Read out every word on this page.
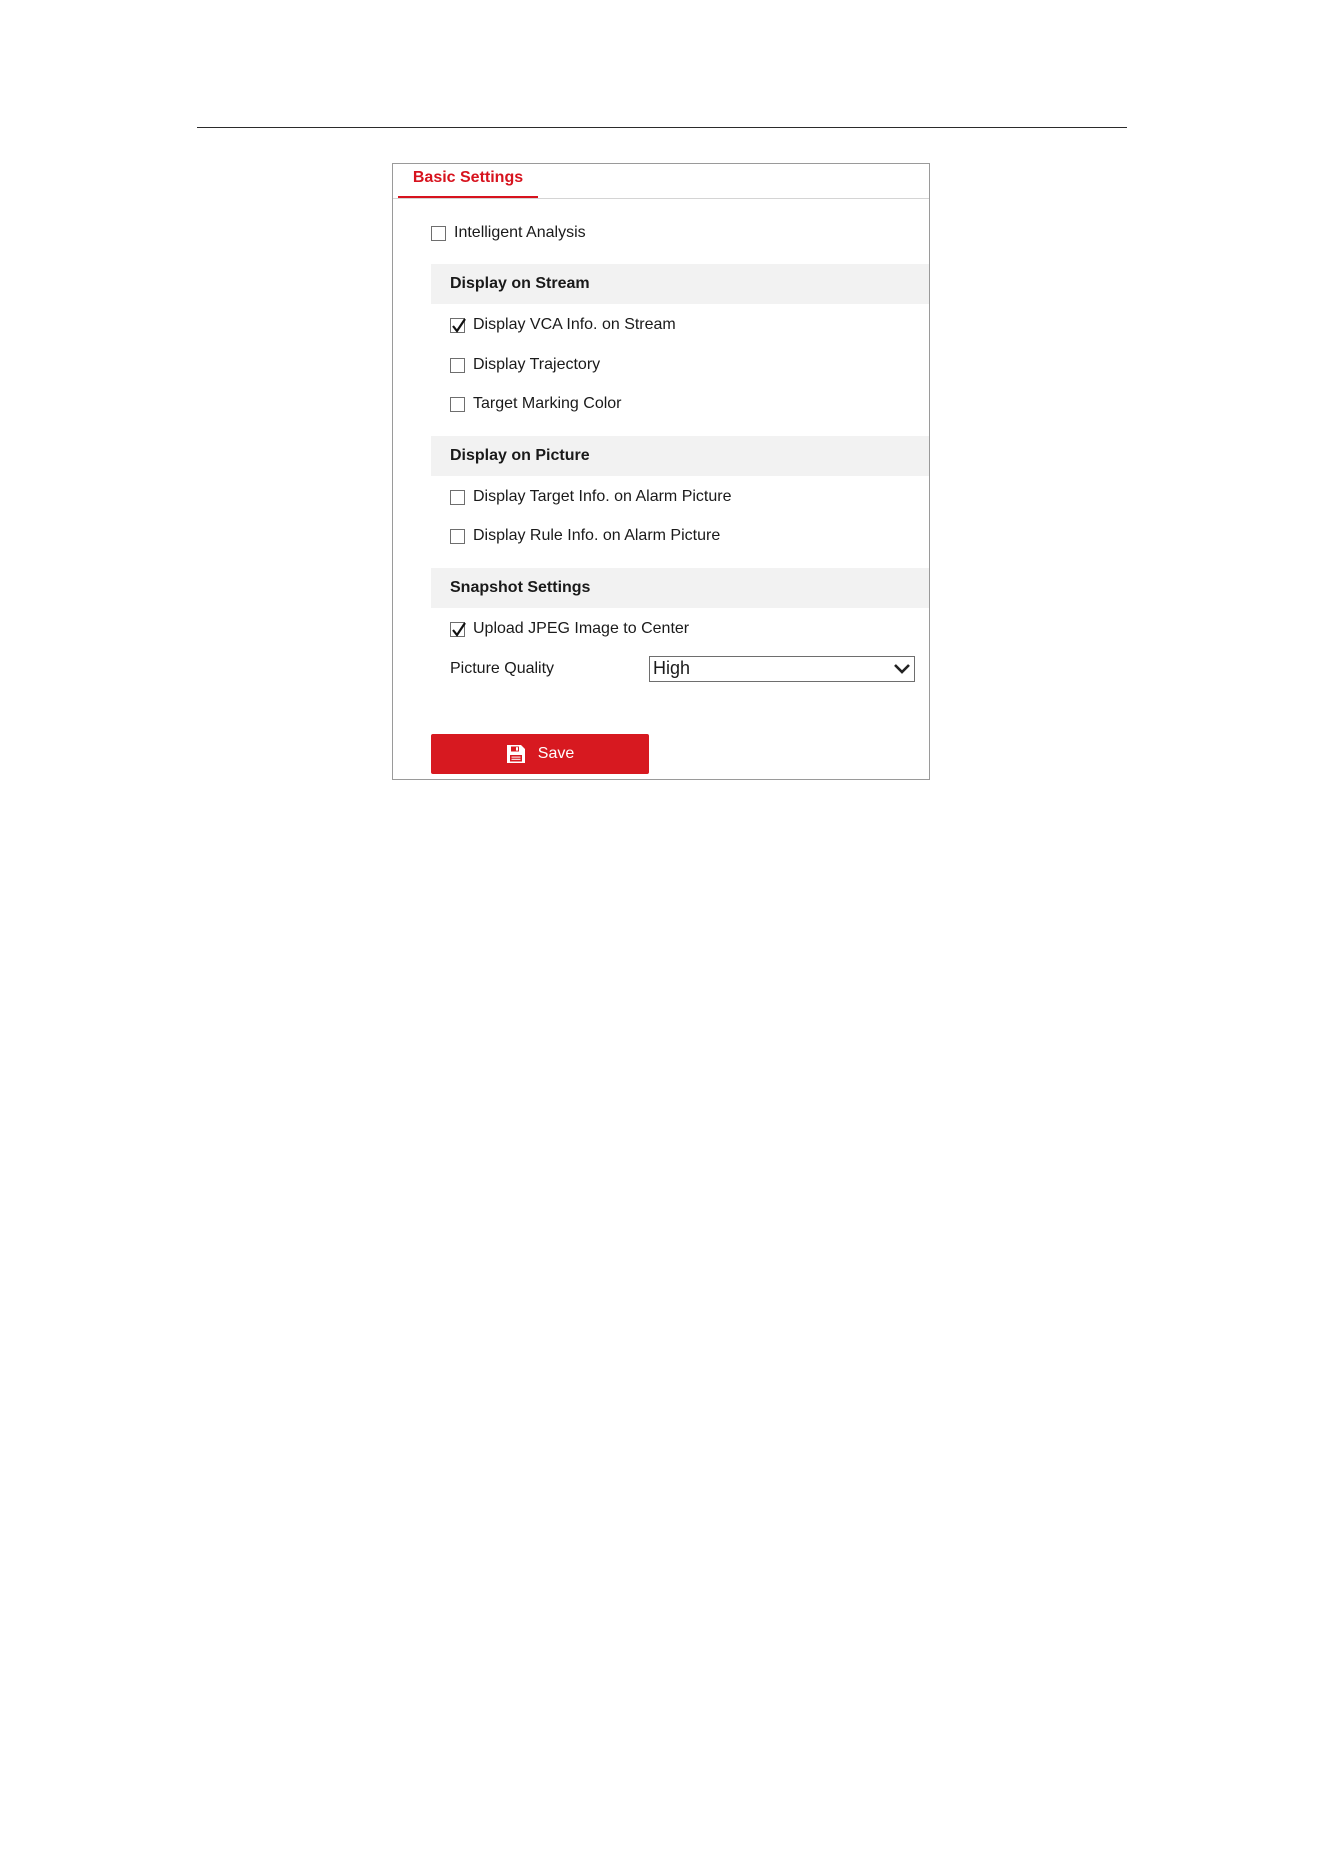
Basic Settings
Intelligent Analysis
Display on Stream
Display VCA Info. on Stream
Display Trajectory
Target Marking Color
Display on Picture
Display Target Info. on Alarm Picture
Display Rule Info. on Alarm Picture
Snapshot Settings
Upload JPEG Image to Center
Picture Quality	High
Save
